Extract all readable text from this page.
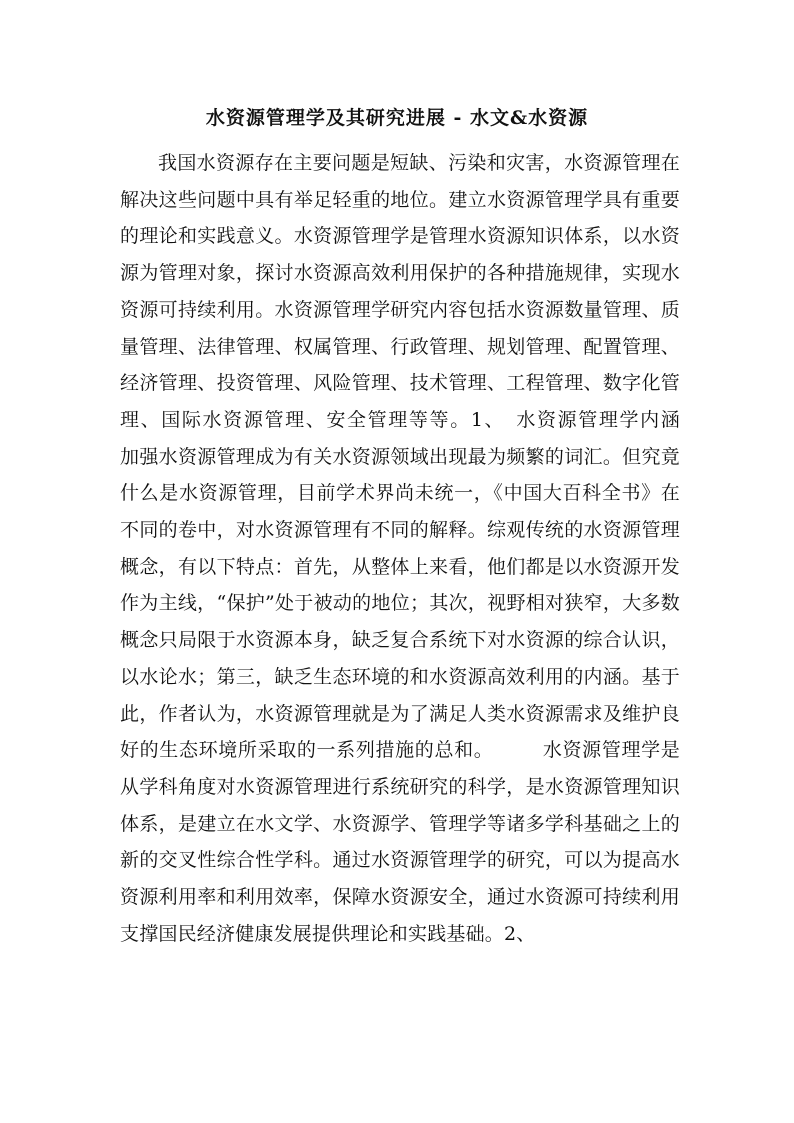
水资源管理学及其研究进展 - 水文&水资源

我国水资源存在主要问题是短缺、污染和灾害，水资源管理在解决这些问题中具有举足轻重的地位。建立水资源管理学具有重要的理论和实践意义。水资源管理学是管理水资源知识体系，以水资源为管理对象，探讨水资源高效利用保护的各种措施规律，实现水资源可持续利用。水资源管理学研究内容包括水资源数量管理、质量管理、法律管理、权属管理、行政管理、规划管理、配置管理、经济管理、投资管理、风险管理、技术管理、工程管理、数字化管理、国际水资源管理、安全管理等等。1、　水资源管理学内涵　　　加强水资源管理成为有关水资源领域出现最为频繁的词汇。但究竟什么是水资源管理，目前学术界尚未统一，《中国大百科全书》在不同的卷中，对水资源管理有不同的解释。综观传统的水资源管理概念，有以下特点：首先，从整体上来看，他们都是以水资源开发作为主线，“保护”处于被动的地位；其次，视野相对狭窄，大多数概念只局限于水资源本身，缺乏复合系统下对水资源的综合认识，以水论水；第三，缺乏生态环境的和水资源高效利用的内涵。基于此，作者认为，水资源管理就是为了满足人类水资源需求及维护良好的生态环境所采取的一系列措施的总和。　　　水资源管理学是从学科角度对水资源管理进行系统研究的科学，是水资源管理知识体系，是建立在水文学、水资源学、管理学等诸多学科基础之上的新的交叉性综合性学科。通过水资源管理学的研究，可以为提高水资源利用率和利用效率，保障水资源安全，通过水资源可持续利用支撑国民经济健康发展提供理论和实践基础。2、
